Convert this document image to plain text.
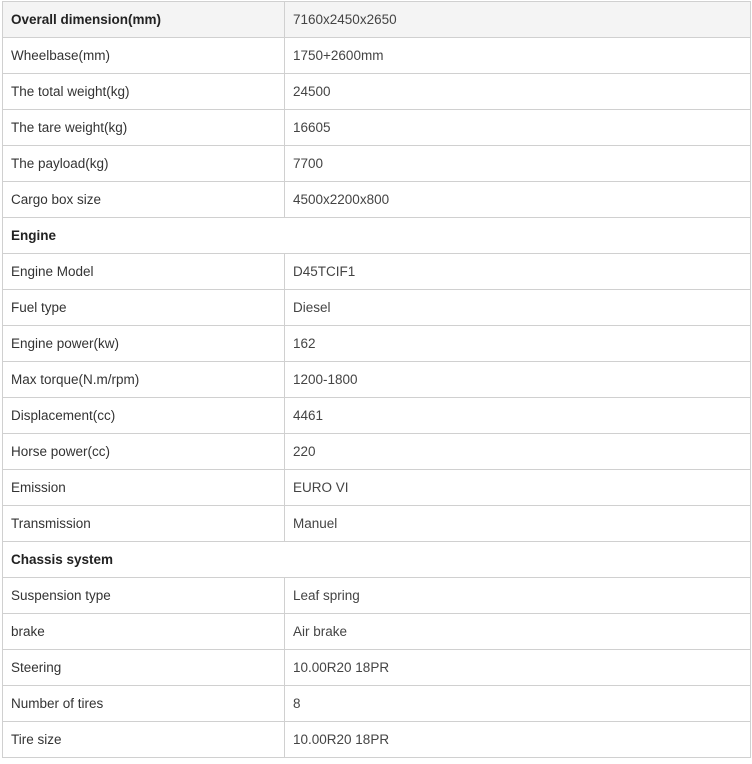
Overall dimension(mm)	7160x2450x2650
Wheelbase(mm)	1750+2600mm
The total weight(kg)	24500
The tare weight(kg)	16605
The payload(kg)	7700
Cargo box size	4500x2200x800
Engine	
Engine Model	D45TCIF1
Fuel type	Diesel
Engine power(kw)	162
Max torque(N.m/rpm)	1200-1800
Displacement(cc)	4461
Horse power(cc)	220
Emission	EURO VI
Transmission	Manuel
Chassis system	
Suspension type	Leaf spring
brake	Air brake
Steering	10.00R20 18PR
Number of tires	8
Tire size	10.00R20 18PR
